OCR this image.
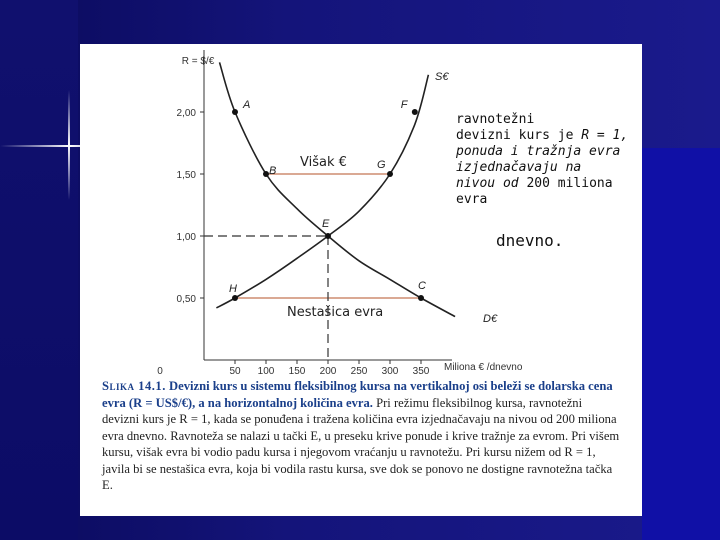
R = $/€
Miliona € /dnevno
0	50 100 150 200 250 300 350
0,50
1,00
1,50
2,00
A	F
B	G
E
H	C
Višak €
Nestašica evra
S€
D€
ravnotežni
devizni kurs je R = 1,
ponuda i tražnja evra
izjednačavaju na
nivou od 200 miliona
evra
dnevno.
Slika 14.1. Devizni kurs u sistemu fleksibilnog kursa na vertikalnoj osi beleži se dolarska cena evra (R = US$/€), a na horizontalnoj količina evra. Pri režimu fleksibilnog kursa, ravnotežni devizni kurs je R = 1, kada se ponuđena i tražena količina evra izjednačavaju na nivou od 200 miliona evra dnevno. Ravnoteža se nalazi u tački E, u preseku krive ponude i krive tražnje za evrom. Pri višem kursu, višak evra bi vodio padu kursa i njegovom vraćanju u ravnotežu. Pri kursu nižem od R = 1, javila bi se nestašica evra, koja bi vodila rastu kursa, sve dok se ponovo ne dostigne ravnotežna tačka E.
